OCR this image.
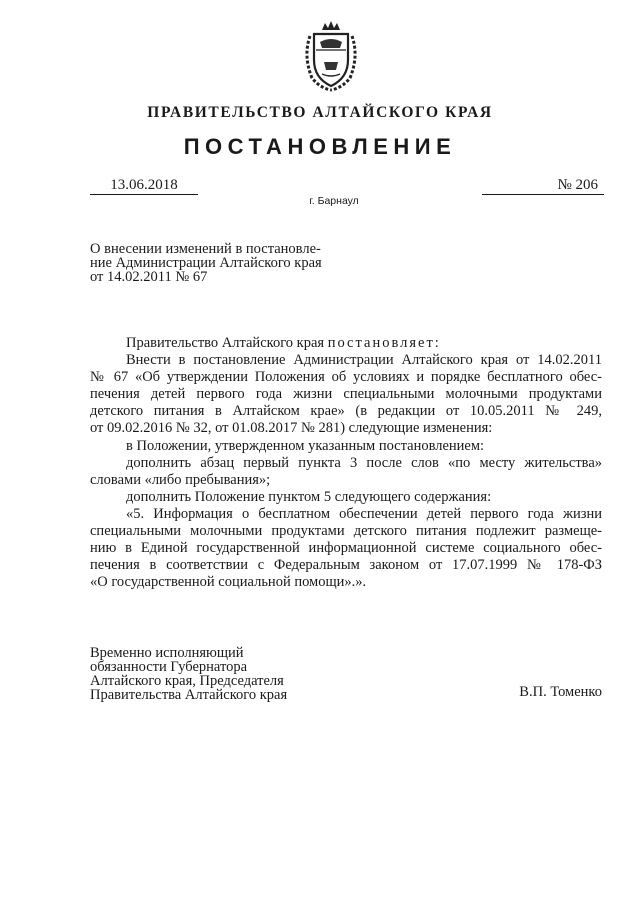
ПРАВИТЕЛЬСТВО АЛТАЙСКОГО КРАЯ
ПОСТАНОВЛЕНИЕ
13.06.2018	№ 206
г. Барнаул
О внесении изменений в постановле-
ние Администрации Алтайского края
от 14.02.2011 № 67
Правительство Алтайского края постановляет:
Внести в постановление Администрации Алтайского края от 14.02.2011
№ 67 «Об утверждении Положения об условиях и порядке бесплатного обес-
печения детей первого года жизни специальными молочными продуктами
детского питания в Алтайском крае» (в редакции от 10.05.2011 № 249,
от 09.02.2016 № 32, от 01.08.2017 № 281) следующие изменения:
в Положении, утвержденном указанным постановлением:
дополнить абзац первый пункта 3 после слов «по месту жительства»
словами «либо пребывания»;
дополнить Положение пунктом 5 следующего содержания:
«5. Информация о бесплатном обеспечении детей первого года жизни
специальными молочными продуктами детского питания подлежит размеще-
нию в Единой государственной информационной системе социального обес-
печения в соответствии с Федеральным законом от 17.07.1999 № 178-ФЗ
«О государственной социальной помощи».».
Временно исполняющий
обязанности Губернатора
Алтайского края, Председателя
Правительства Алтайского края	В.П. Томенко
